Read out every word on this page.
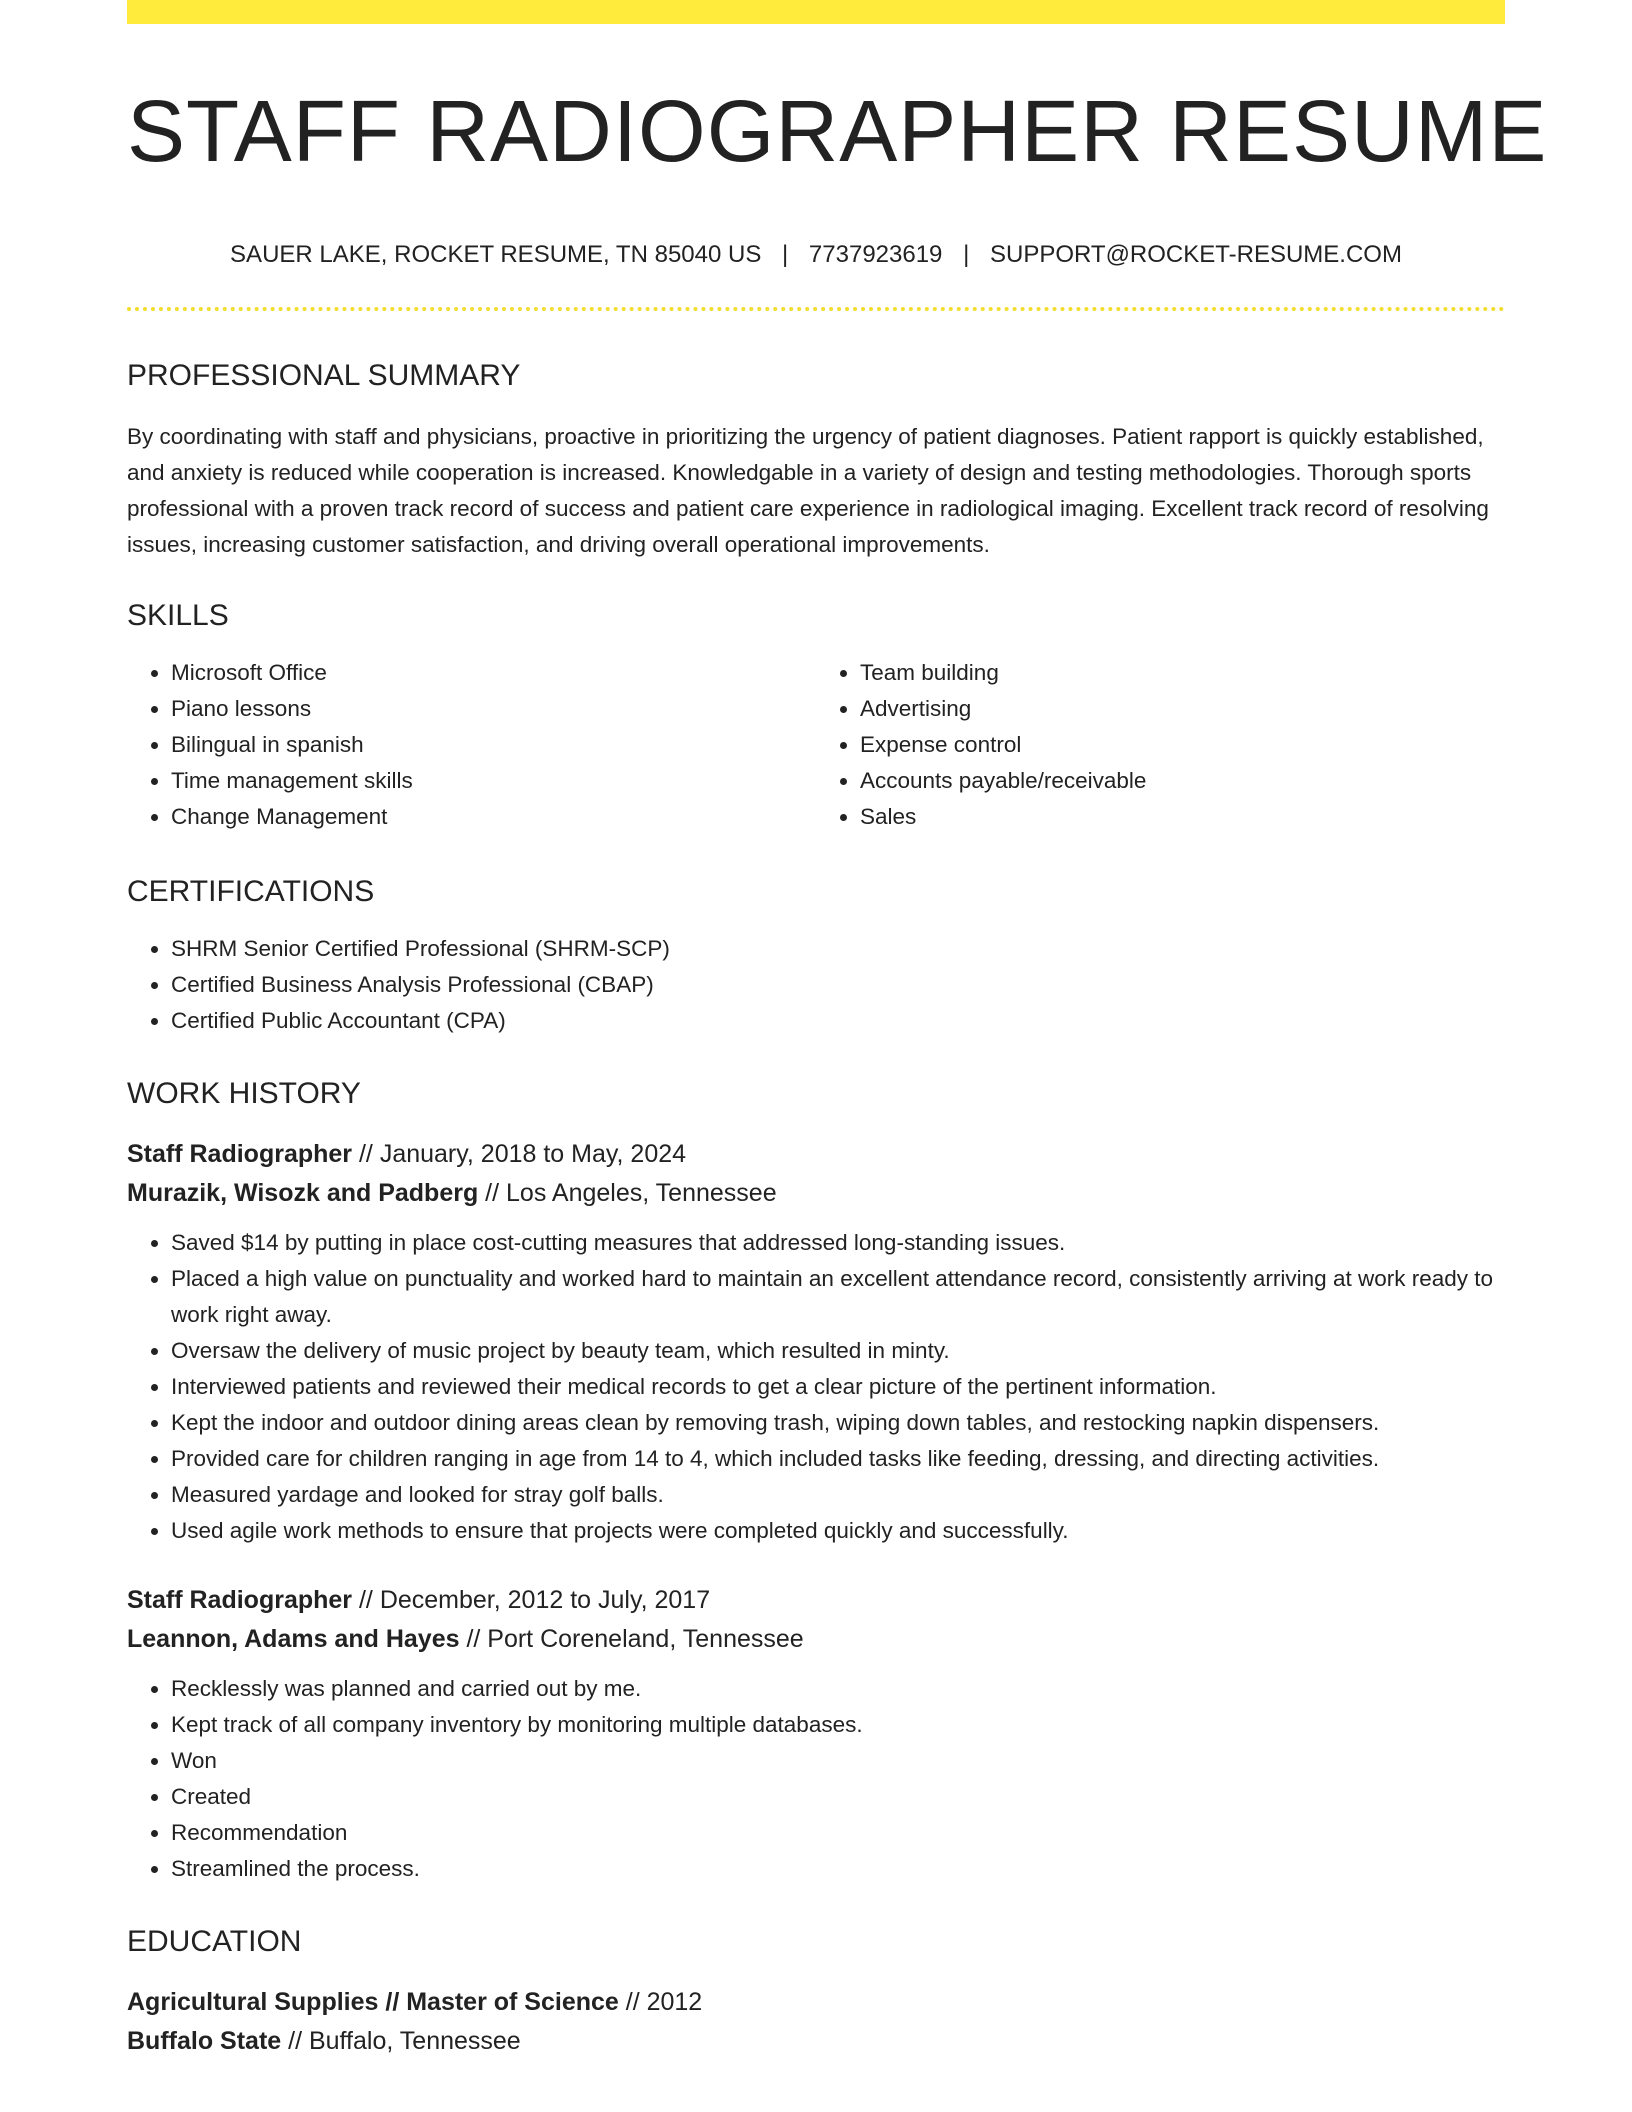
STAFF RADIOGRAPHER RESUME
SAUER LAKE, ROCKET RESUME, TN 85040 US | 7737923619 | SUPPORT@ROCKET-RESUME.COM
PROFESSIONAL SUMMARY

By coordinating with staff and physicians, proactive in prioritizing the urgency of patient diagnoses. Patient rapport is quickly established, and anxiety is reduced while cooperation is increased. Knowledgable in a variety of design and testing methodologies. Thorough sports professional with a proven track record of success and patient care experience in radiological imaging. Excellent track record of resolving issues, increasing customer satisfaction, and driving overall operational improvements.

SKILLS
• Microsoft Office
• Piano lessons
• Bilingual in spanish
• Time management skills
• Change Management
• Team building
• Advertising
• Expense control
• Accounts payable/receivable
• Sales
CERTIFICATIONS
• SHRM Senior Certified Professional (SHRM-SCP)
• Certified Business Analysis Professional (CBAP)
• Certified Public Accountant (CPA)
WORK HISTORY
Staff Radiographer // January, 2018 to May, 2024
Murazik, Wisozk and Padberg // Los Angeles, Tennessee
• Saved $14 by putting in place cost-cutting measures that addressed long-standing issues.
• Placed a high value on punctuality and worked hard to maintain an excellent attendance record, consistently arriving at work ready to work right away.
• Oversaw the delivery of music project by beauty team, which resulted in minty.
• Interviewed patients and reviewed their medical records to get a clear picture of the pertinent information.
• Kept the indoor and outdoor dining areas clean by removing trash, wiping down tables, and restocking napkin dispensers.
• Provided care for children ranging in age from 14 to 4, which included tasks like feeding, dressing, and directing activities.
• Measured yardage and looked for stray golf balls.
• Used agile work methods to ensure that projects were completed quickly and successfully.
Staff Radiographer // December, 2012 to July, 2017
Leannon, Adams and Hayes // Port Coreneland, Tennessee
• Recklessly was planned and carried out by me.
• Kept track of all company inventory by monitoring multiple databases.
• Won
• Created
• Recommendation
• Streamlined the process.
EDUCATION
Agricultural Supplies // Master of Science // 2012
Buffalo State // Buffalo, Tennessee
